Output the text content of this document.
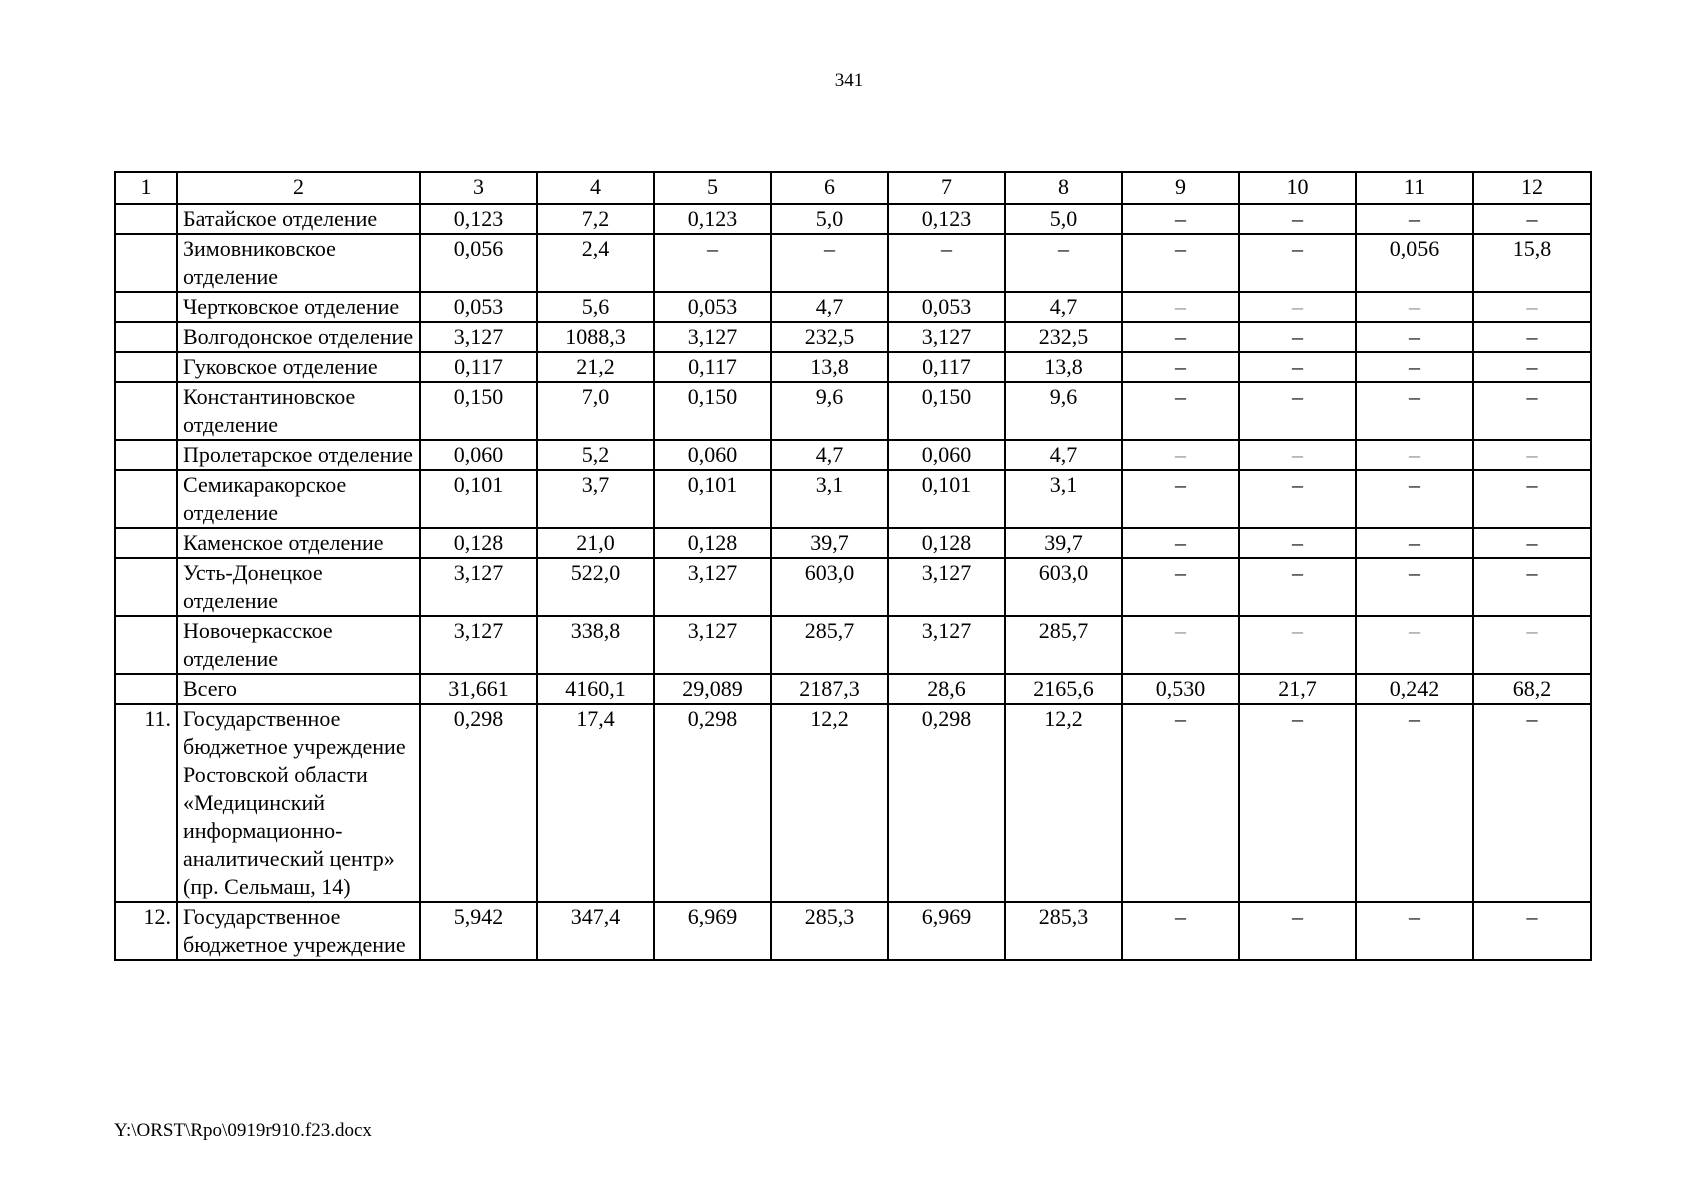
341
1	2	3	4	5	6	7	8	9	10	11	12
	Батайское отделение	0,123	7,2	0,123	5,0	0,123	5,0	–	–	–	–
	Зимовниковское отделение	0,056	2,4	–	–	–	–	–	–	0,056	15,8
	Чертковское отделение	0,053	5,6	0,053	4,7	0,053	4,7	–	–	–	–
	Волгодонское отделение	3,127	1088,3	3,127	232,5	3,127	232,5	–	–	–	–
	Гуковское отделение	0,117	21,2	0,117	13,8	0,117	13,8	–	–	–	–
	Константиновское отделение	0,150	7,0	0,150	9,6	0,150	9,6	–	–	–	–
	Пролетарское отделение	0,060	5,2	0,060	4,7	0,060	4,7	–	–	–	–
	Семикаракорское отделение	0,101	3,7	0,101	3,1	0,101	3,1	–	–	–	–
	Каменское отделение	0,128	21,0	0,128	39,7	0,128	39,7	–	–	–	–
	Усть-Донецкое отделение	3,127	522,0	3,127	603,0	3,127	603,0	–	–	–	–
	Новочеркасское отделение	3,127	338,8	3,127	285,7	3,127	285,7	–	–	–	–
	Всего	31,661	4160,1	29,089	2187,3	28,6	2165,6	0,530	21,7	0,242	68,2
11.	Государственное бюджетное учреждение Ростовской области «Медицинский информационно-аналитический центр» (пр. Сельмаш, 14)	0,298	17,4	0,298	12,2	0,298	12,2	–	–	–	–
12.	Государственное бюджетное учреждение	5,942	347,4	6,969	285,3	6,969	285,3	–	–	–	–
Y:\ORST\Rpo\0919r910.f23.docx
